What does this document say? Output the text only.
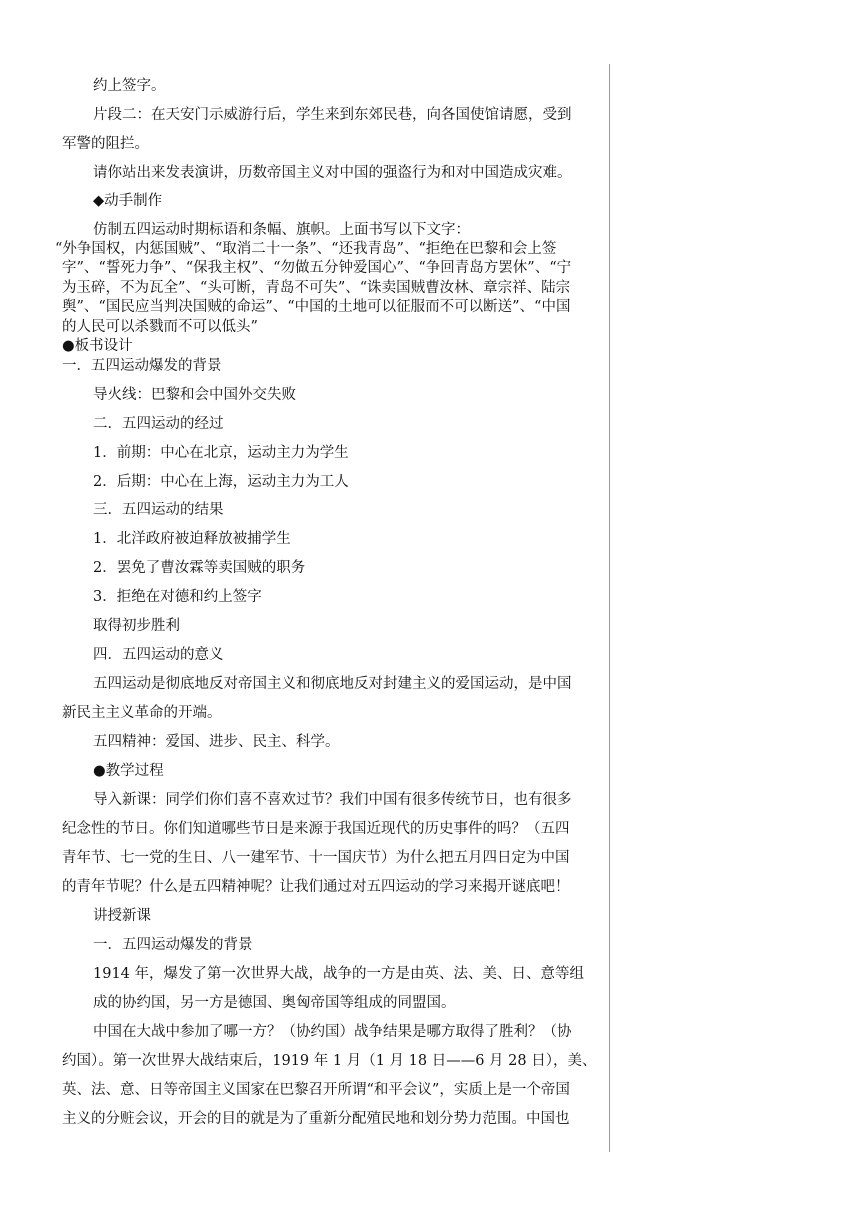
约上签字。
片段二：在天安门示威游行后，学生来到东郊民巷，向各国使馆请愿，受到
军警的阻拦。
请你站出来发表演讲，历数帝国主义对中国的强盗行为和对中国造成灾难。
◆动手制作
仿制五四运动时期标语和条幅、旗帜。上面书写以下文字：
“外争国权，内惩国贼”、“取消二十一条”、“还我青岛”、“拒绝在巴黎和会上签
字”、“誓死力争”、“保我主权”、“勿做五分钟爱国心”、“争回青岛方罢休”、“宁
为玉碎，不为瓦全”、“头可断，青岛不可失”、“诛卖国贼曹汝林、章宗祥、陆宗
舆”、“国民应当判决国贼的命运”、“中国的土地可以征服而不可以断送”、“中国
的人民可以杀戮而不可以低头”
●板书设计
一．五四运动爆发的背景
导火线：巴黎和会中国外交失败
二．五四运动的经过
1．前期：中心在北京，运动主力为学生
2．后期：中心在上海，运动主力为工人
三．五四运动的结果
1．北洋政府被迫释放被捕学生
2．罢免了曹汝霖等卖国贼的职务
3．拒绝在对德和约上签字
取得初步胜利
四．五四运动的意义
五四运动是彻底地反对帝国主义和彻底地反对封建主义的爱国运动，是中国
新民主主义革命的开端。
五四精神：爱国、进步、民主、科学。
●教学过程
导入新课：同学们你们喜不喜欢过节？我们中国有很多传统节日，也有很多
纪念性的节日。你们知道哪些节日是来源于我国近现代的历史事件的吗？（五四
青年节、七一党的生日、八一建军节、十一国庆节）为什么把五月四日定为中国
的青年节呢？什么是五四精神呢？让我们通过对五四运动的学习来揭开谜底吧！
讲授新课
一．五四运动爆发的背景
1914 年，爆发了第一次世界大战，战争的一方是由英、法、美、日、意等组
成的协约国，另一方是德国、奥匈帝国等组成的同盟国。
中国在大战中参加了哪一方？（协约国）战争结果是哪方取得了胜利？（协
约国）。第一次世界大战结束后，1919 年 1 月（1 月 18 日——6 月 28 日），美、
英、法、意、日等帝国主义国家在巴黎召开所谓“和平会议”，实质上是一个帝国
主义的分赃会议，开会的目的就是为了重新分配殖民地和划分势力范围。中国也
